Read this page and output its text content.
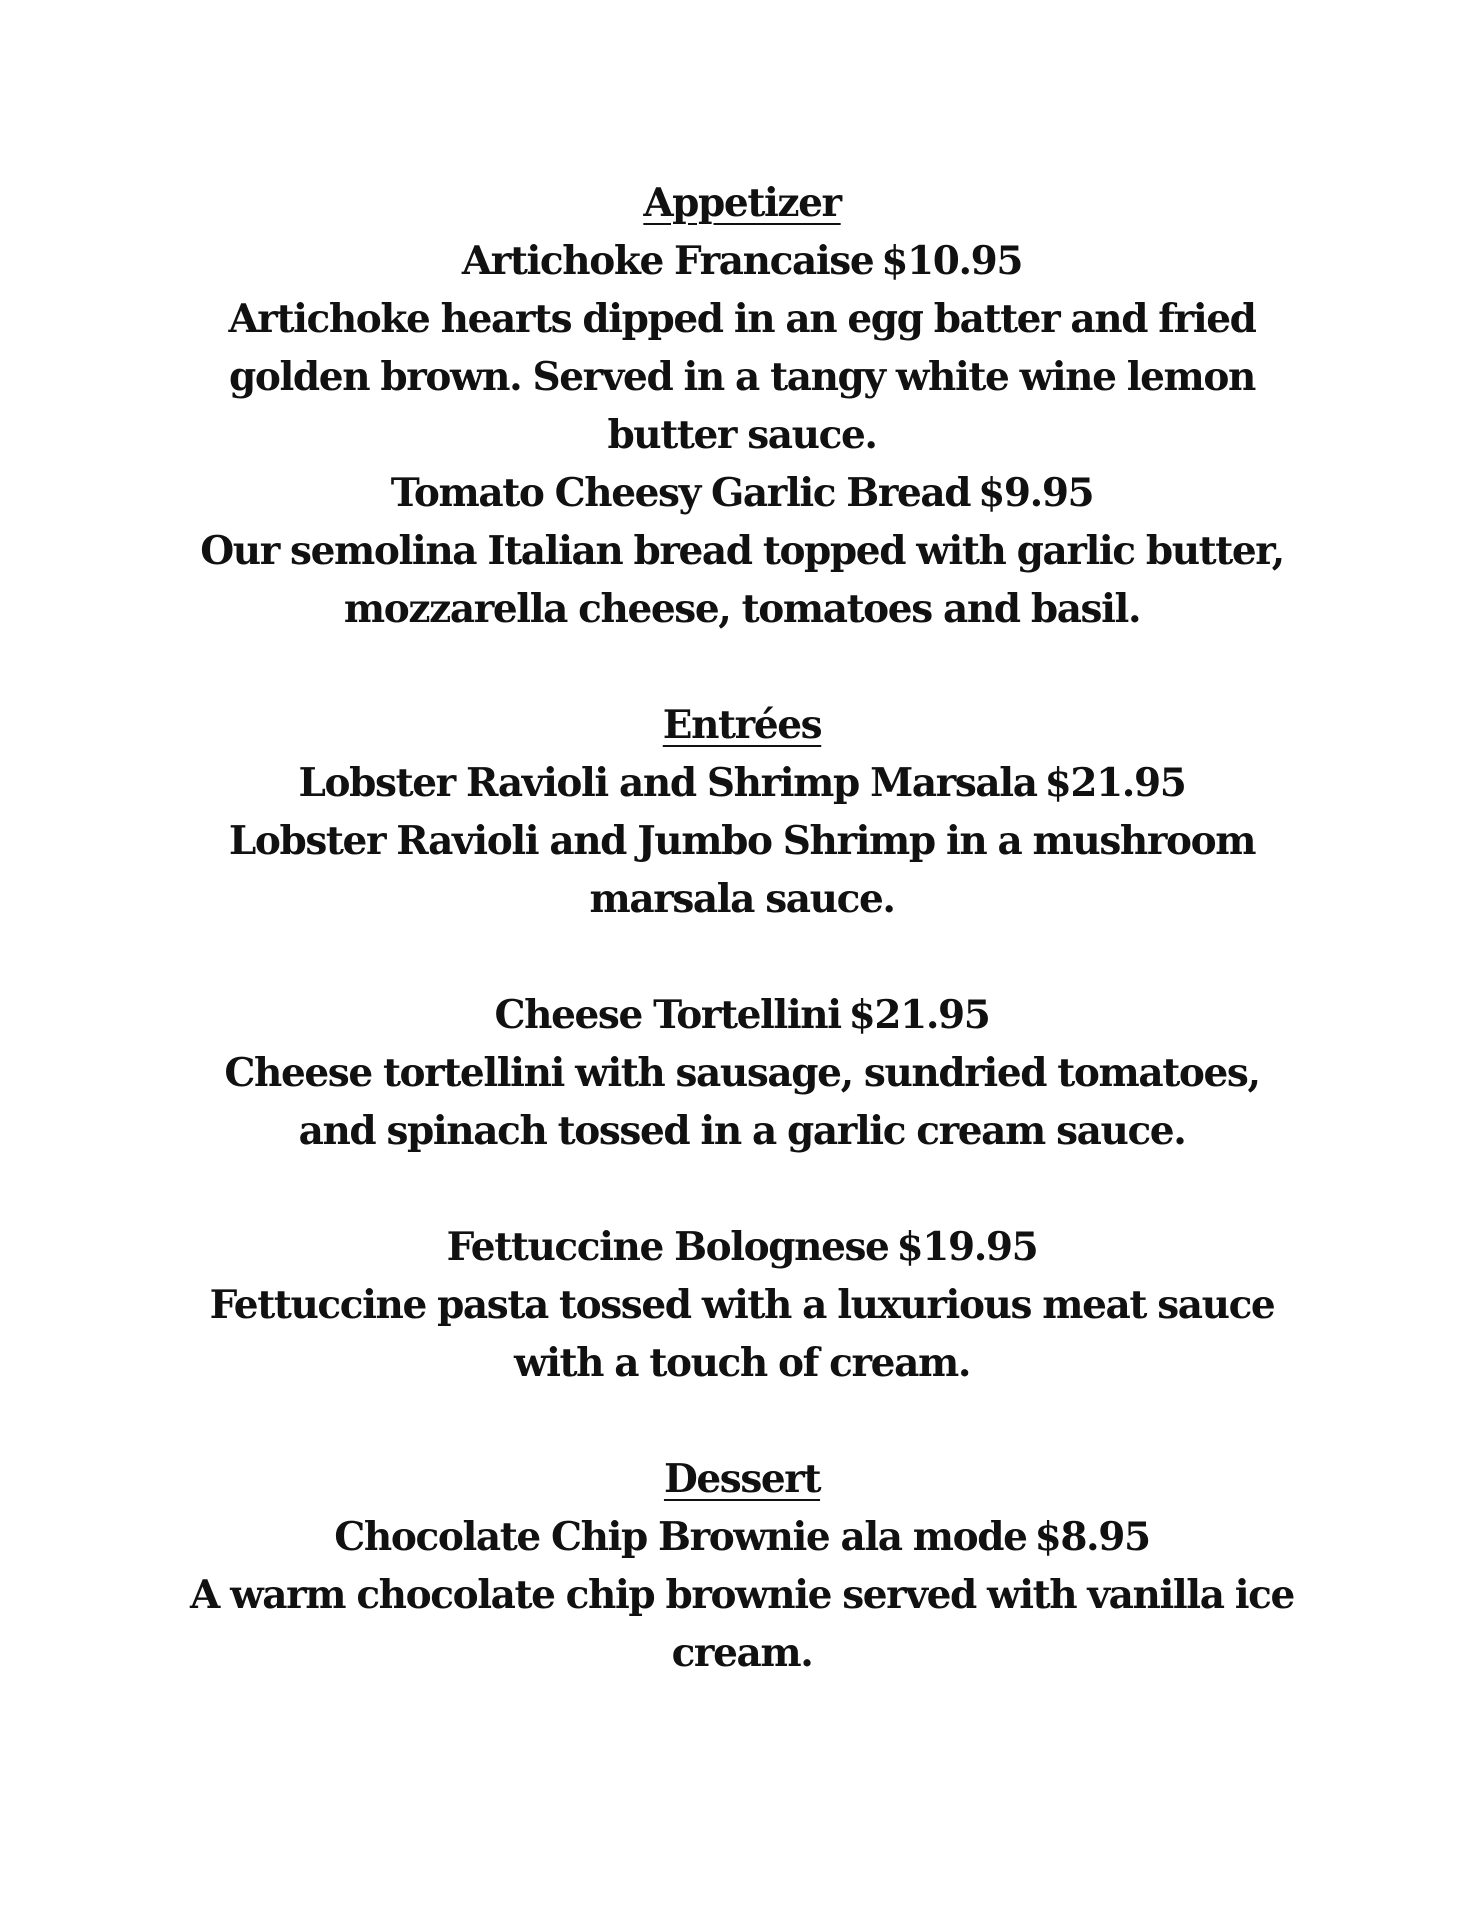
Appetizer
Artichoke Francaise $10.95
Artichoke hearts dipped in an egg batter and fried
golden brown. Served in a tangy white wine lemon
butter sauce.
Tomato Cheesy Garlic Bread $9.95
Our semolina Italian bread topped with garlic butter,
mozzarella cheese, tomatoes and basil.
Entrées
Lobster Ravioli and Shrimp Marsala $21.95
Lobster Ravioli and Jumbo Shrimp in a mushroom
marsala sauce.
Cheese Tortellini $21.95
Cheese tortellini with sausage, sundried tomatoes,
and spinach tossed in a garlic cream sauce.
Fettuccine Bolognese $19.95
Fettuccine pasta tossed with a luxurious meat sauce
with a touch of cream.
Dessert
Chocolate Chip Brownie ala mode $8.95
A warm chocolate chip brownie served with vanilla ice
cream.
